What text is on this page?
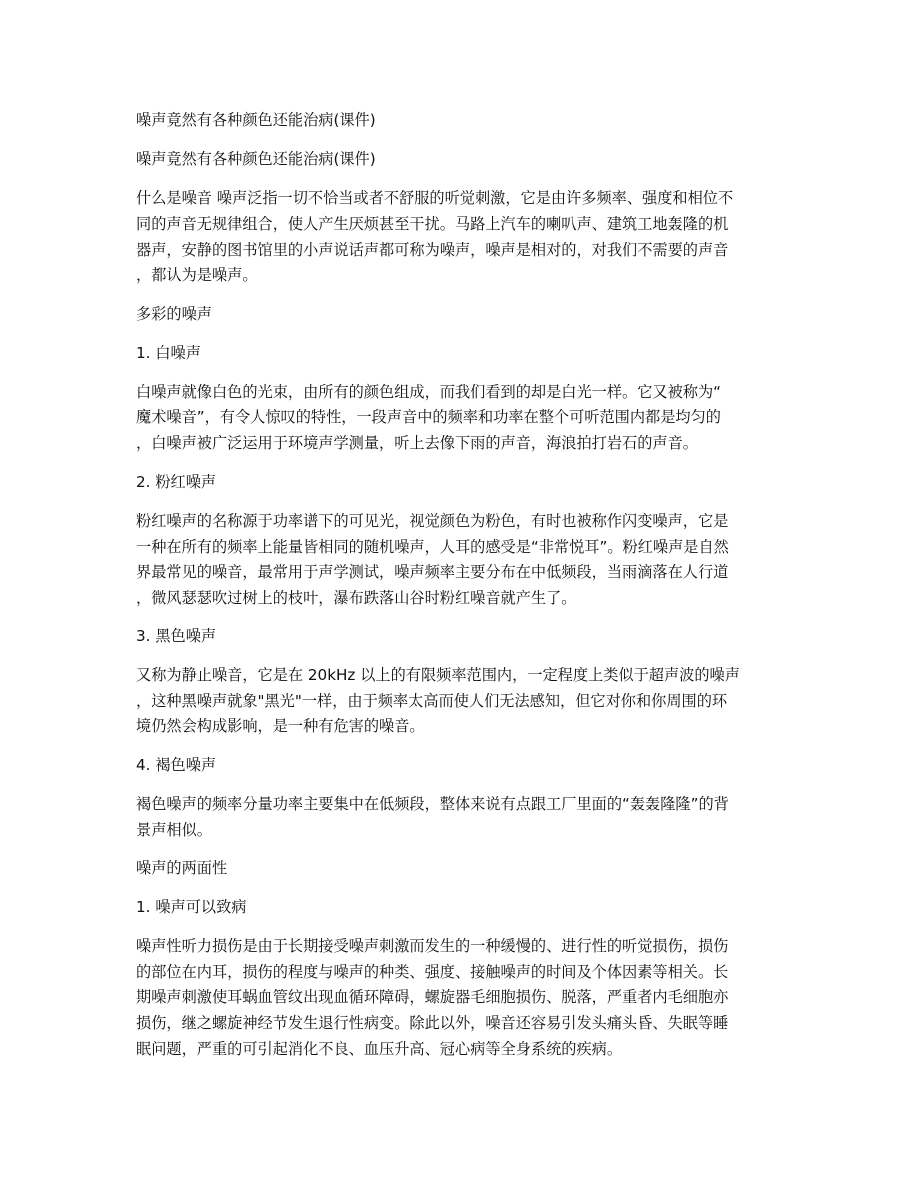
噪声竟然有各种颜色还能治病(课件)

噪声竟然有各种颜色还能治病(课件)

什么是噪音 噪声泛指一切不恰当或者不舒服的听觉刺激，它是由许多频率、强度和相位不

同的声音无规律组合，使人产生厌烦甚至干扰。马路上汽车的喇叭声、建筑工地轰隆的机

器声，安静的图书馆里的小声说话声都可称为噪声，噪声是相对的，对我们不需要的声音

，都认为是噪声。

多彩的噪声

1. 白噪声

白噪声就像白色的光束，由所有的颜色组成，而我们看到的却是白光一样。它又被称为“

魔术噪音”，有令人惊叹的特性，一段声音中的频率和功率在整个可听范围内都是均匀的

，白噪声被广泛运用于环境声学测量，听上去像下雨的声音，海浪拍打岩石的声音。

2. 粉红噪声

粉红噪声的名称源于功率谱下的可见光，视觉颜色为粉色，有时也被称作闪变噪声，它是

一种在所有的频率上能量皆相同的随机噪声，人耳的感受是“非常悦耳”。粉红噪声是自然

界最常见的噪音，最常用于声学测试，噪声频率主要分布在中低频段，当雨滴落在人行道

，微风瑟瑟吹过树上的枝叶，瀑布跌落山谷时粉红噪音就产生了。

3. 黑色噪声

又称为静止噪音，它是在 20kHz 以上的有限频率范围内，一定程度上类似于超声波的噪声

，这种黑噪声就象"黑光"一样，由于频率太高而使人们无法感知，但它对你和你周围的环

境仍然会构成影响，是一种有危害的噪音。

4. 褐色噪声

褐色噪声的频率分量功率主要集中在低频段，整体来说有点跟工厂里面的“轰轰隆隆”的背

景声相似。

噪声的两面性

1. 噪声可以致病

噪声性听力损伤是由于长期接受噪声刺激而发生的一种缓慢的、进行性的听觉损伤，损伤

的部位在内耳，损伤的程度与噪声的种类、强度、接触噪声的时间及个体因素等相关。长

期噪声刺激使耳蜗血管纹出现血循环障碍，螺旋器毛细胞损伤、脱落，严重者内毛细胞亦

损伤，继之螺旋神经节发生退行性病变。除此以外，噪音还容易引发头痛头昏、失眠等睡

眠问题，严重的可引起消化不良、血压升高、冠心病等全身系统的疾病。
